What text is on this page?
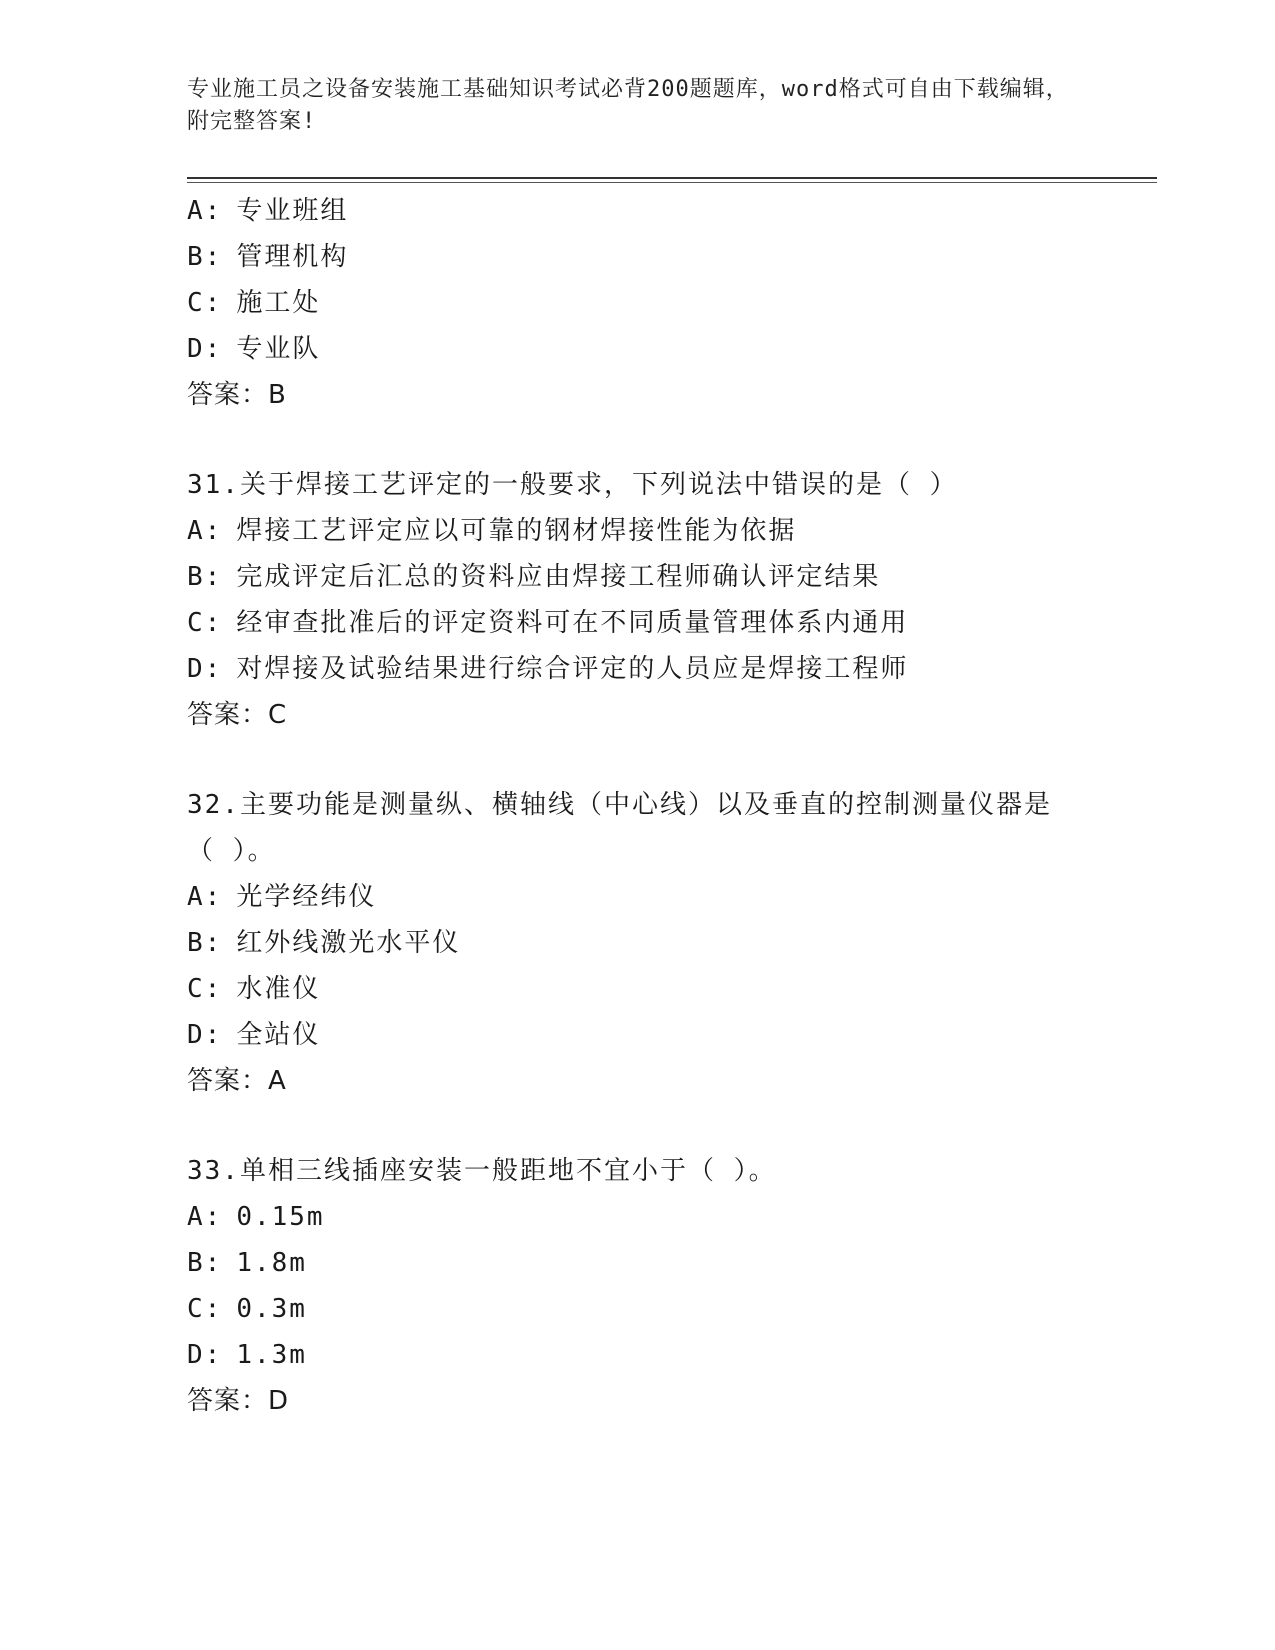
专业施工员之设备安装施工基础知识考试必背200题题库，word格式可自由下载编辑，附完整答案!
A: 专业班组
B: 管理机构
C: 施工处
D: 专业队
答案：B
31.关于焊接工艺评定的一般要求，下列说法中错误的是（ ）
A: 焊接工艺评定应以可靠的钢材焊接性能为依据
B: 完成评定后汇总的资料应由焊接工程师确认评定结果
C: 经审查批准后的评定资料可在不同质量管理体系内通用
D: 对焊接及试验结果进行综合评定的人员应是焊接工程师
答案：C
32.主要功能是测量纵、横轴线（中心线）以及垂直的控制测量仪器是
（ ）。
A: 光学经纬仪
B: 红外线激光水平仪
C: 水准仪
D: 全站仪
答案：A
33.单相三线插座安装一般距地不宜小于（ ）。
A: 0.15m
B: 1.8m
C: 0.3m
D: 1.3m
答案：D
